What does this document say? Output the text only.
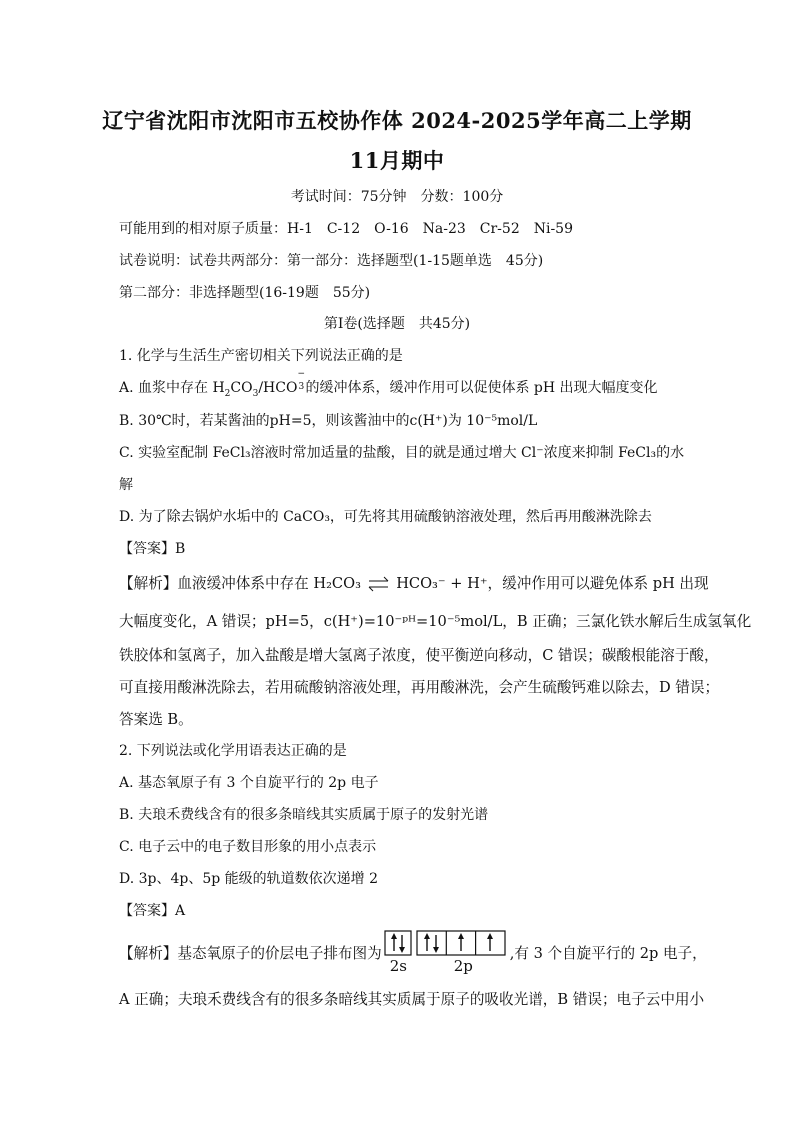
辽宁省沈阳市沈阳市五校协作体 2024-2025学年高二上学期
11月期中
考试时间：75分钟　分数：100分
可能用到的相对原子质量：H-1　C-12　O-16　Na-23　Cr-52　Ni-59
试卷说明：试卷共两部分：第一部分：选择题型(1-15题单选　45分)
第二部分：非选择题型(16-19题　55分)
第Ⅰ卷(选择题　共45分)
1. 化学与生活生产密切相关下列说法正确的是
A. 血浆中存在 $H_2CO_3$/HCO
−
3 的缓冲体系，缓冲作用可以促使体系 pH 出现大幅度变化
B. 30℃时，若某酱油的pH=5，则该酱油中的c(H⁺)为 10⁻⁵mol/L
C. 实验室配制 FeCl₃溶液时常加适量的盐酸，目的就是通过增大 Cl⁻浓度来抑制 FeCl₃的水
解
D. 为了除去锅炉水垢中的 CaCO₃，可先将其用硫酸钠溶液处理，然后再用酸淋洗除去
【答案】B
【解析】血液缓冲体系中存在 H₂CO₃ ⇌ HCO₃⁻ + H⁺，缓冲作用可以避免体系 pH 出现
大幅度变化，A 错误；pH=5，c(H⁺)=10⁻ᵖᴴ=10⁻⁵mol/L，B 正确；三氯化铁水解后生成氢氧化
铁胶体和氢离子，加入盐酸是增大氢离子浓度，使平衡逆向移动，C 错误；碳酸根能溶于酸，
可直接用酸淋洗除去，若用硫酸钠溶液处理，再用酸淋洗，会产生硫酸钙难以除去，D 错误；
答案选 B。
2. 下列说法或化学用语表达正确的是
A. 基态氧原子有 3 个自旋平行的 2p 电子
B. 夫琅禾费线含有的很多条暗线其实质属于原子的发射光谱
C. 电子云中的电子数目形象的用小点表示
D. 3p、4p、5p 能级的轨道数依次递增 2
【答案】A
【解析】基态氧原子的价层电子排布图为
2s	2p
,有 3 个自旋平行的 2p 电子，
A 正确；夫琅禾费线含有的很多条暗线其实质属于原子的吸收光谱，B 错误；电子云中用小
